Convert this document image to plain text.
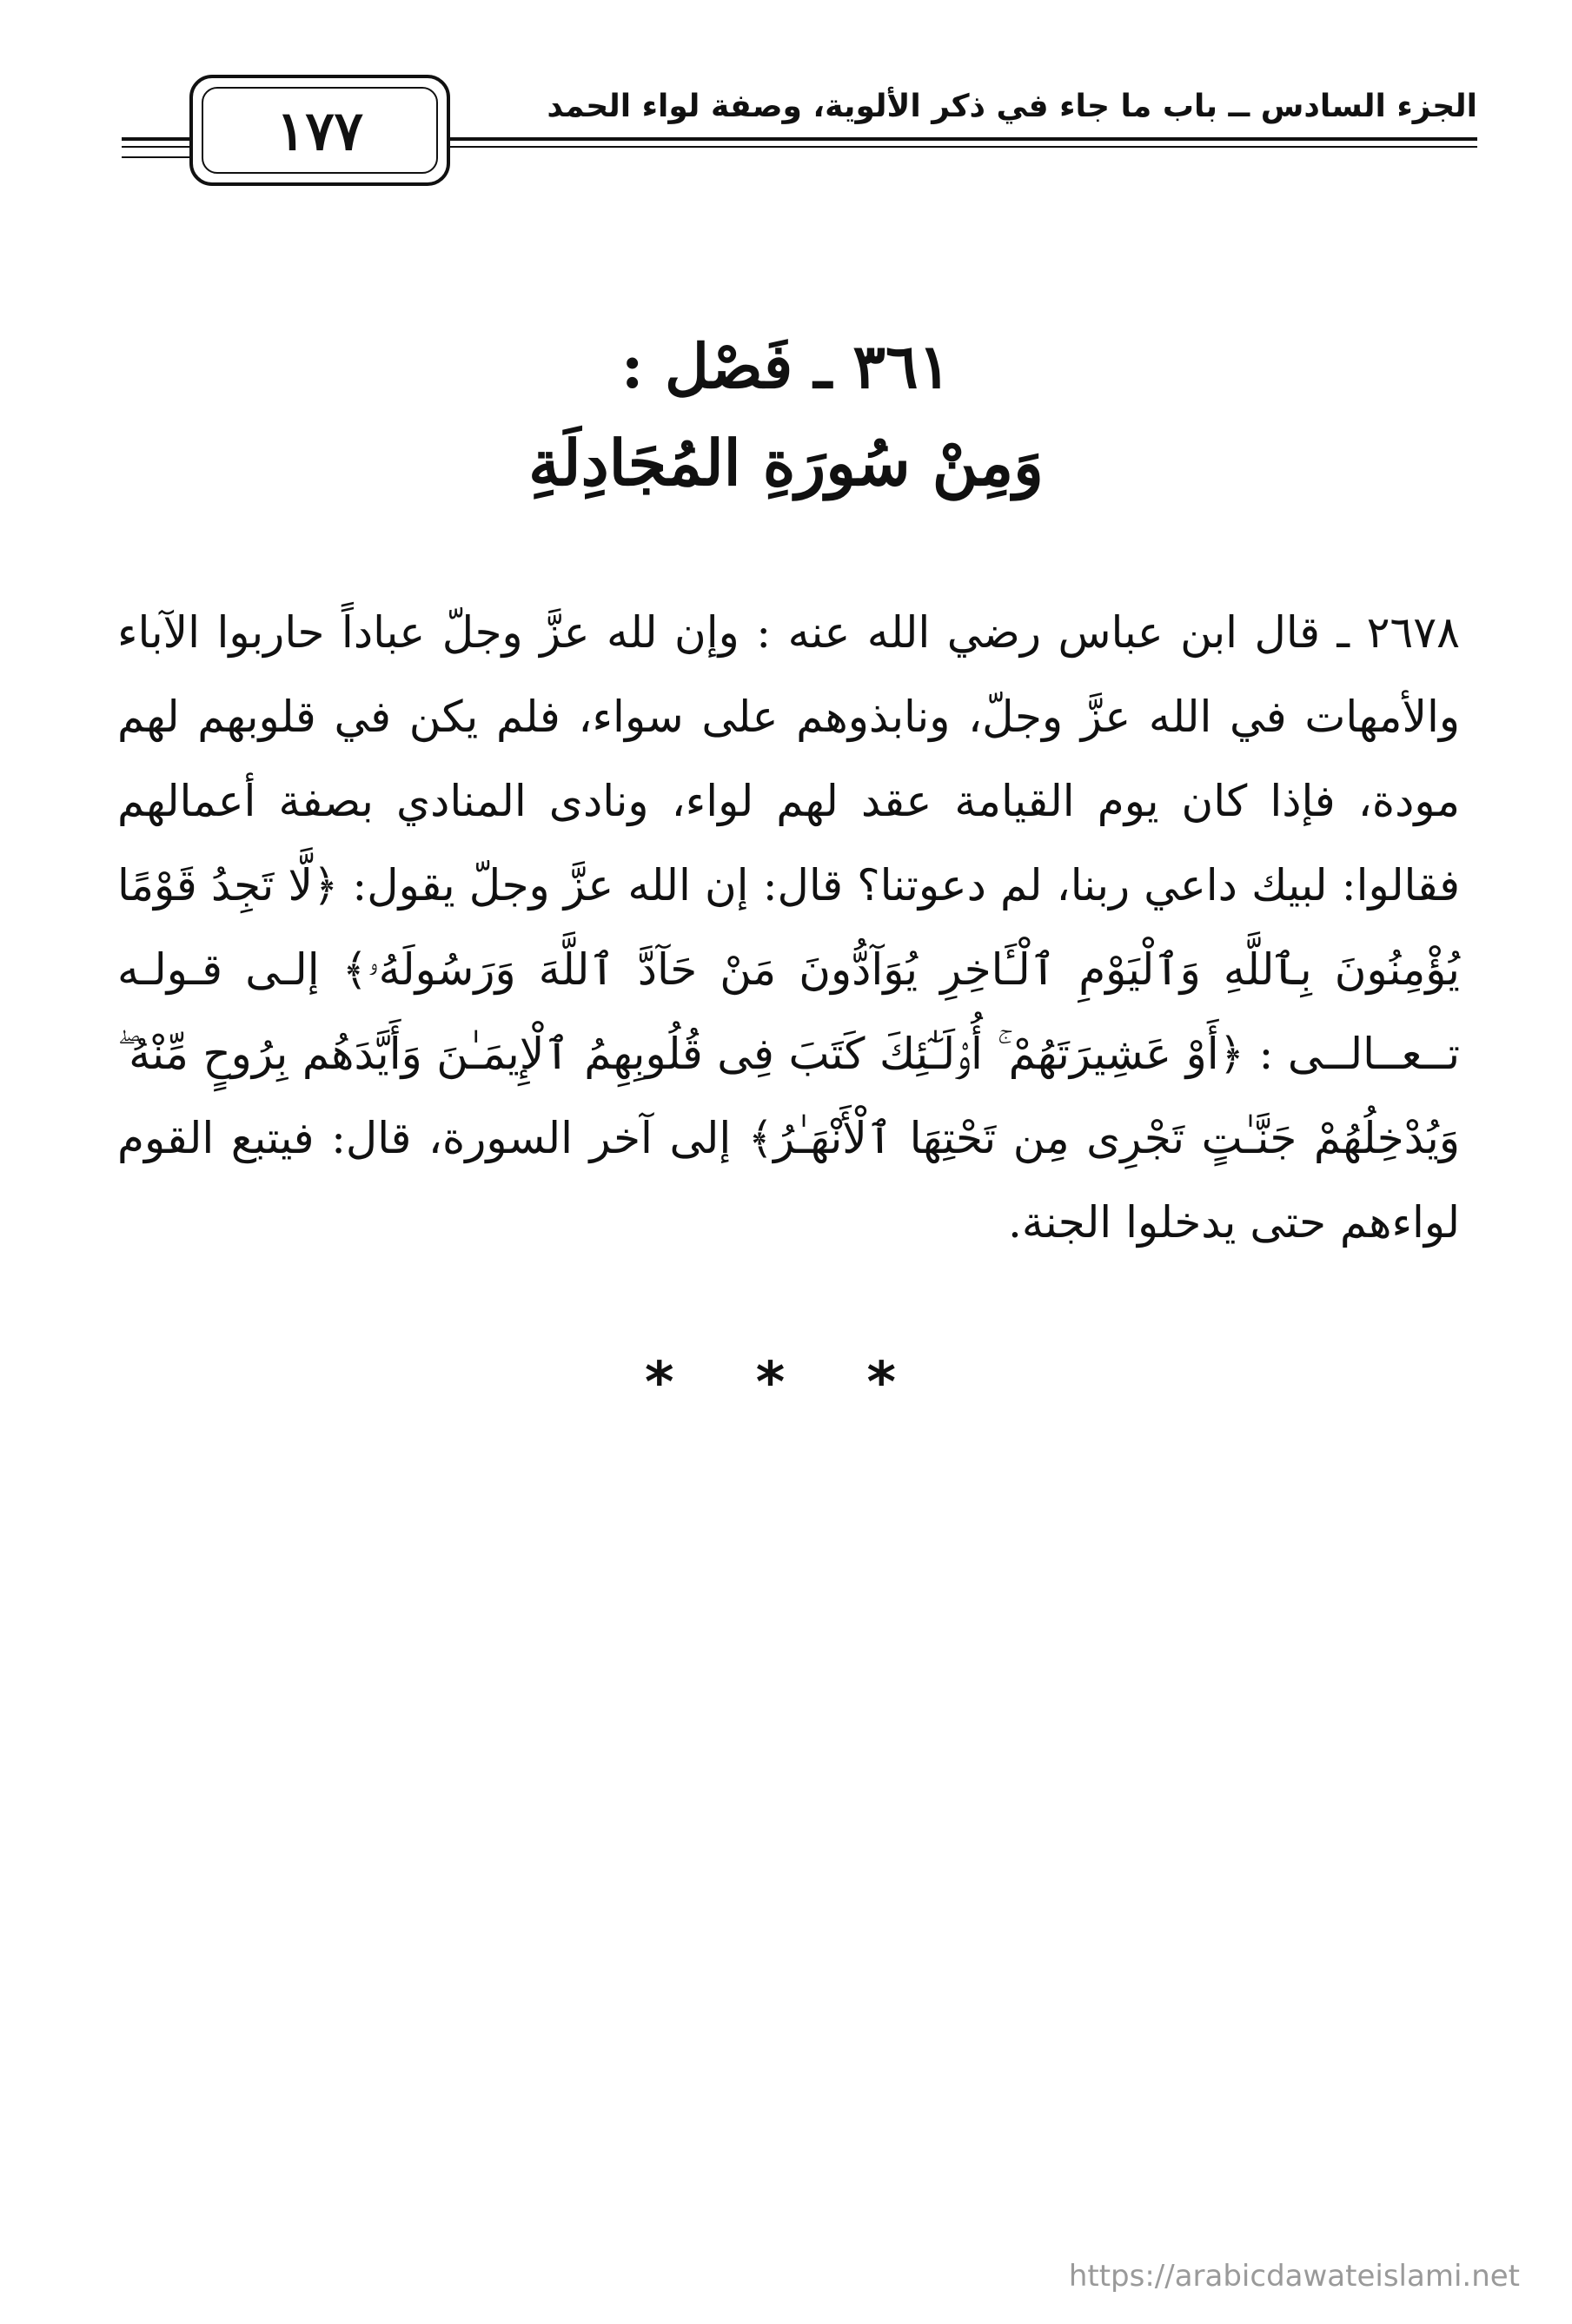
الجزء السادس ــ باب ما جاء في ذكر الألوية، وصفة لواء الحمد
١٧٧
٣٦١ ـ فَصْل :
وَمِنْ سُورَةِ المُجَادِلَةِ
٢٦٧٨ ـ قال ابن عباس رضي الله عنه : وإن لله عزَّ وجلّ عباداً حاربوا الآباء والأمهات في الله عزَّ وجلّ، ونابذوهم على سواء، فلم يكن في قلوبهم لهم مودة، فإذا كان يوم القيامة عقد لهم لواء، ونادى المنادي بصفة أعمالهم فقالوا: لبيك داعي ربنا، لم دعوتنا؟ قال: إن الله عزَّ وجلّ يقول: ﴿لَّا تَجِدُ قَوْمًا يُؤْمِنُونَ بِٱللَّهِ وَٱلْيَوْمِ ٱلْـَٔاخِرِ يُوَآدُّونَ مَنْ حَآدَّ ٱللَّهَ وَرَسُولَهُۥ﴾ إلـى قـولـه تــعــالــى : ﴿أَوْ عَشِيرَتَهُمْ ۚ أُو۟لَـٰٓئِكَ كَتَبَ فِى قُلُوبِهِمُ ٱلْإِيمَـٰنَ وَأَيَّدَهُم بِرُوحٍ مِّنْهُ ۖ وَيُدْخِلُهُمْ جَنَّـٰتٍ تَجْرِى مِن تَحْتِهَا ٱلْأَنْهَـٰرُ﴾ إلى آخر السورة، قال: فيتبع القوم لواءهم حتى يدخلوا الجنة.
* * *
https://arabicdawateislami.net
